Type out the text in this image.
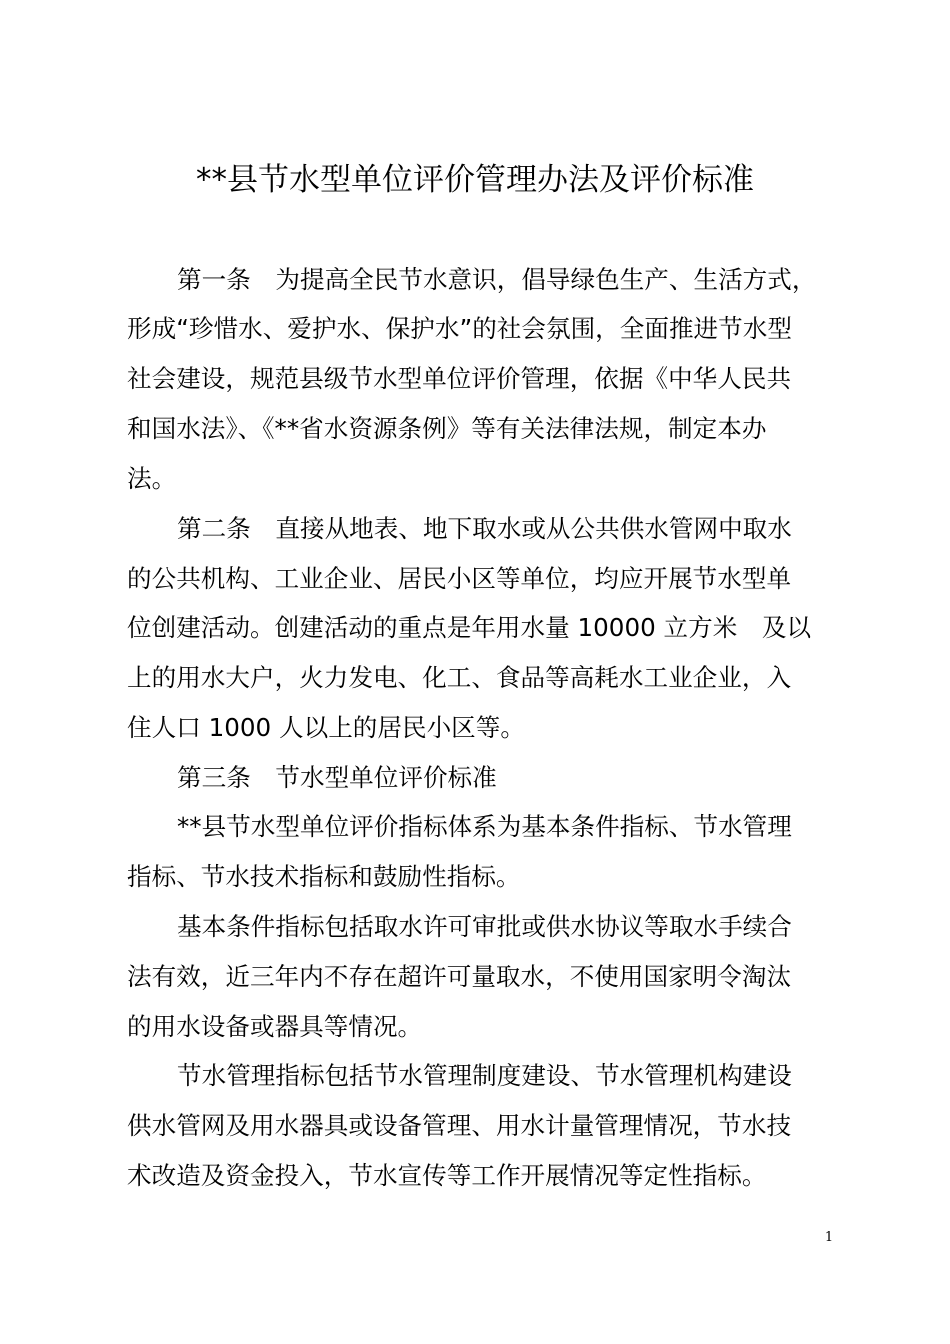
**县节水型单位评价管理办法及评价标准

第一条　为提高全民节水意识，倡导绿色生产、生活方式，

形成“珍惜水、爱护水、保护水”的社会氛围，全面推进节水型

社会建设，规范县级节水型单位评价管理，依据《中华人民共

和国水法》、《**省水资源条例》等有关法律法规，制定本办

法。

第二条　直接从地表、地下取水或从公共供水管网中取水

的公共机构、工业企业、居民小区等单位，均应开展节水型单

位创建活动。创建活动的重点是年用水量 10000 立方米　及以

上的用水大户，火力发电、化工、食品等高耗水工业企业，入

住人口 1000 人以上的居民小区等。

第三条　节水型单位评价标准

**县节水型单位评价指标体系为基本条件指标、节水管理

指标、节水技术指标和鼓励性指标。

基本条件指标包括取水许可审批或供水协议等取水手续合

法有效，近三年内不存在超许可量取水，不使用国家明令淘汰

的用水设备或器具等情况。

节水管理指标包括节水管理制度建设、节水管理机构建设

供水管网及用水器具或设备管理、用水计量管理情况，节水技

术改造及资金投入，节水宣传等工作开展情况等定性指标。

1
